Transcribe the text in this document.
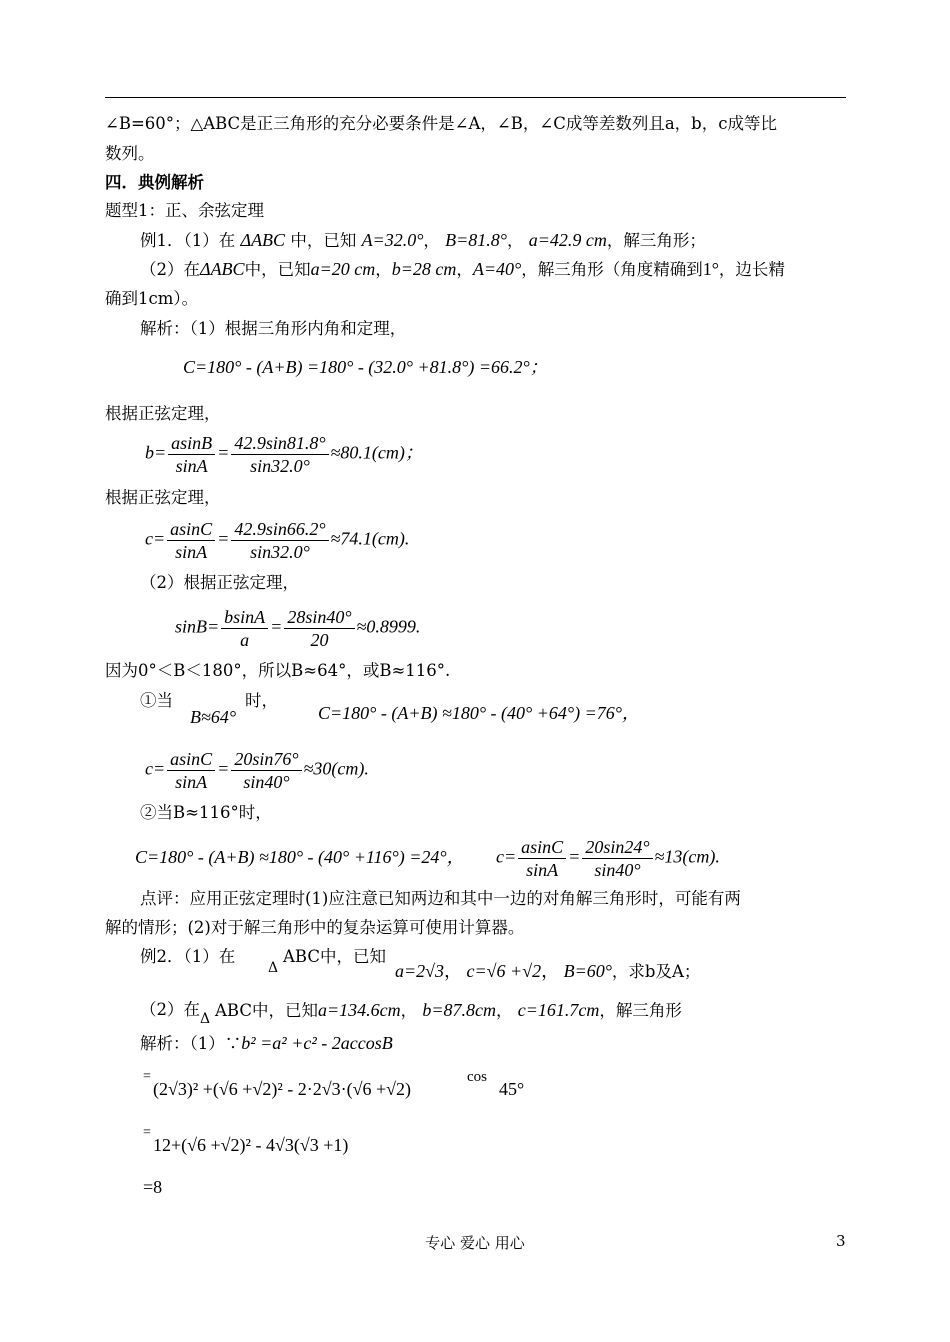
∠B=60°；△ABC是正三角形的充分必要条件是∠A，∠B，∠C成等差数列且a，b，c成等比
数列。
四．典例解析
题型1：正、余弦定理
例1．（1）在 ΔABC 中，已知 A=32.0°， B=81.8°， a=42.9 cm，解三角形；
（2）在ΔABC中，已知a=20 cm，b=28 cm，A=40°，解三角形（角度精确到1°，边长精
确到1cm）。
解析：（1）根据三角形内角和定理，
C=180° - (A+B) =180° - (32.0° +81.8°) =66.2°；
根据正弦定理，
$b= \frac{asinB}{\sin A} = \frac{42.9\sin 81.8^\circ}{\sin 32.0^\circ} \approx 80.1(cm)$；
根据正弦定理，
$c= \frac{asinC}{\sin A} = \frac{42.9\sin 66.2^\circ}{\sin 32.0^\circ} \approx 74.1(cm)$.
（2）根据正弦定理，
$\sin B= \frac{bsinA}{a} = \frac{28\sin 40^\circ}{20} \approx 0.8999$.
因为0°＜B＜180°，所以B≈64°，或B≈116°.
①当
B≈64°
时，
C=180° - (A+B) ≈180° - (40° +64°) =76°，
$c= \frac{asinC}{\sin A} = \frac{20\sin 76^\circ}{\sin 40^\circ} \approx 30(cm)$.
②当B≈116°时，
C=180° - (A+B) ≈180° - (40° +116°) =24°， $c= \frac{asinC}{\sin A} = \frac{20\sin 24^\circ}{\sin 40^\circ} \approx 13(cm)$.
点评：应用正弦定理时(1)应注意已知两边和其中一边的对角解三角形时，可能有两
解的情形；(2)对于解三角形中的复杂运算可使用计算器。
例2．（1）在
Δ
ABC中，已知
a=2√3， c=√6 +√2， B=60°，求b及A；
（2）在 Δ ABC中，已知a=134.6cm， b=87.8cm， c=161.7cm，解三角形
解析：（1）∵b² =a² +c² - 2accosB
=
(2√3)² +(√6 +√2)² - 2·2√3·(√6 +√2)
cos
45°
=
12+(√6 +√2)² - 4√3(√3 +1)
=8
专心 爱心 用心	3
